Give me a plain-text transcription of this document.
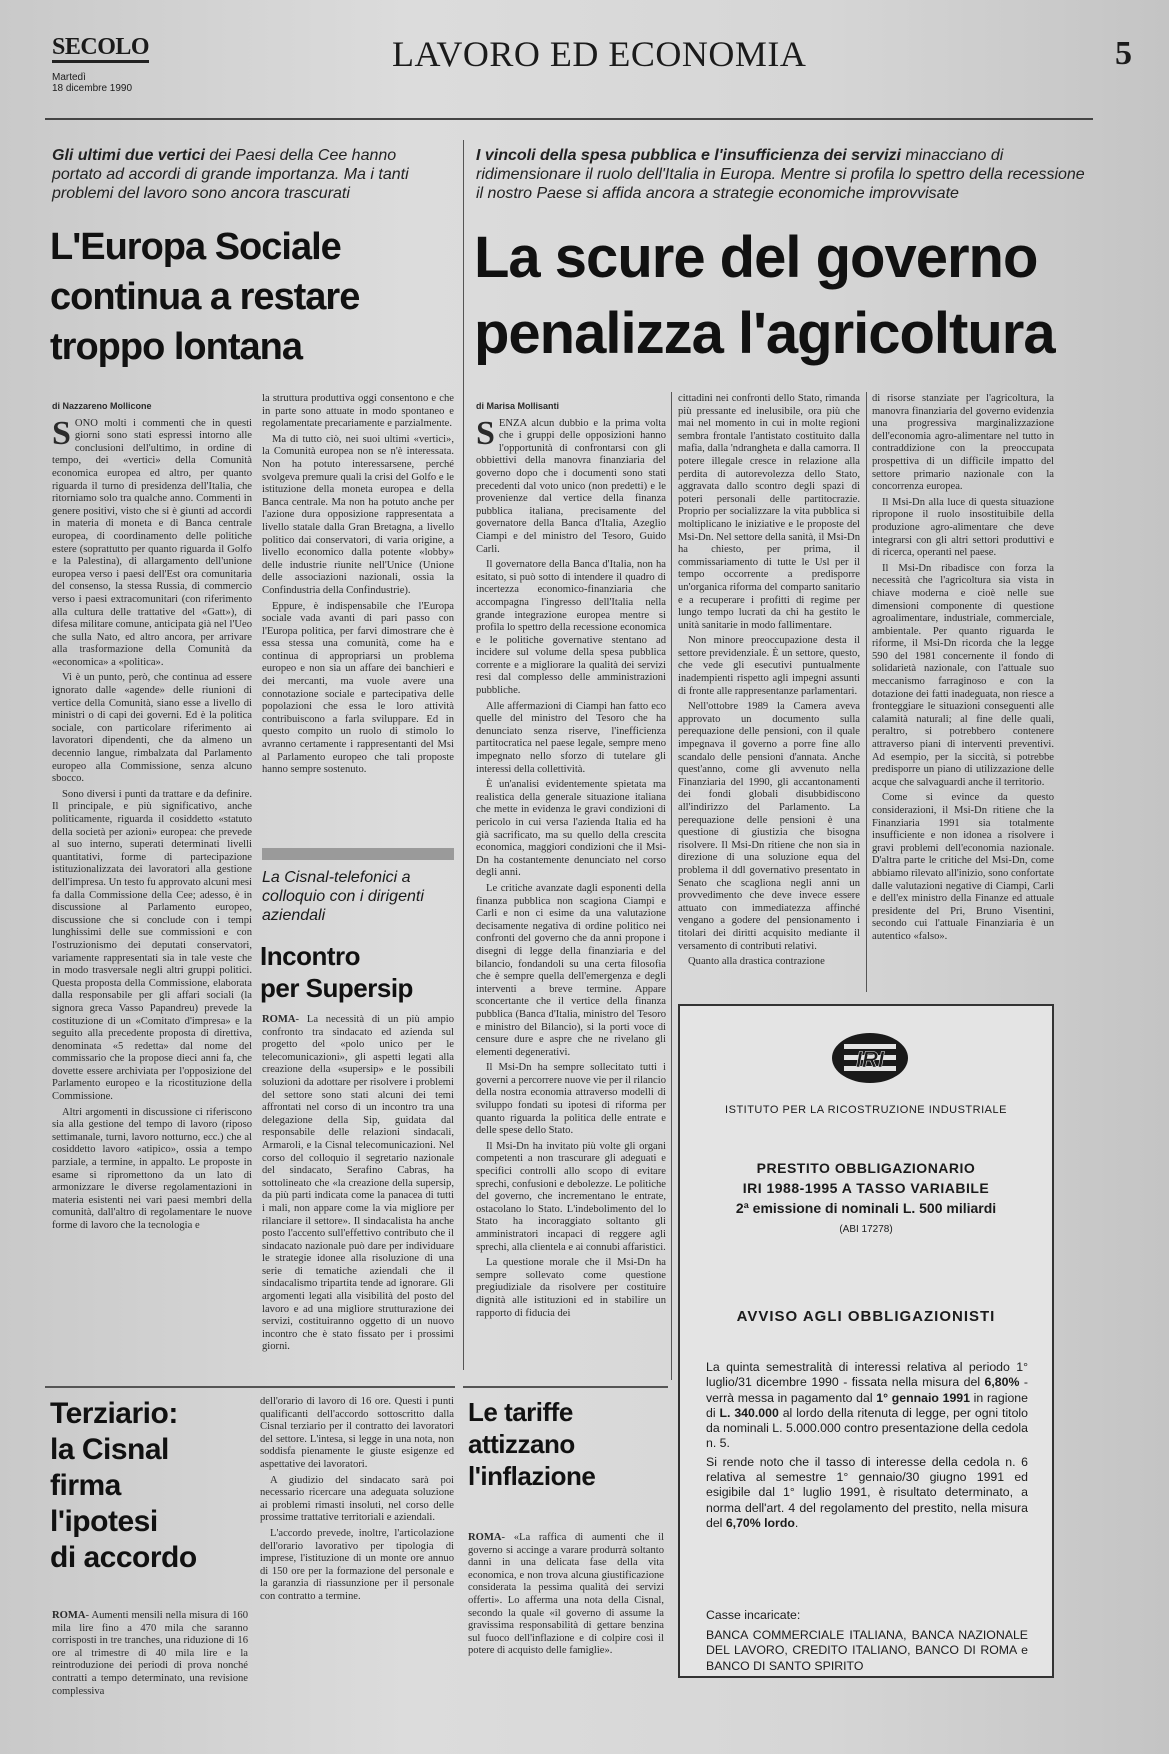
SECOLO
Martedì
18 dicembre 1990
LAVORO ED ECONOMIA	5
Gli ultimi due vertici dei Paesi della Cee hanno portato ad accordi di grande importanza. Ma i tanti problemi del lavoro sono ancora trascurati
L'Europa Sociale
continua a restare
troppo lontana
di Nazzareno Mollicone
S ONO molti i commenti che in questi giorni sono stati espressi intorno alle conclusioni dell'ultimo, in ordine di tempo, dei «vertici» della Comunità economica europea ed altro, per quanto riguarda il turno di presidenza dell'Italia, che ritorniamo solo tra qualche anno. Commenti in genere positivi, visto che si è giunti ad accordi in materia di moneta e di Banca centrale europea, di coordinamento delle politiche estere (soprattutto per quanto riguarda il Golfo e la Palestina), di allargamento dell'unione europea verso i paesi dell'Est ora comunitaria del consenso, la stessa Russia, di commercio verso i paesi extracomunitari (con riferimento alla cultura delle trattative del «Gatt»), di difesa militare comune, anticipata già nel l'Ueo che sulla Nato, ed altro ancora, per arrivare alla trasformazione della Comunità da «economica» a «politica».

Vi è un punto, però, che continua ad essere ignorato dalle «agende» delle riunioni di vertice della Comunità, siano esse a livello di ministri o di capi dei governi. Ed è la politica sociale, con particolare riferimento ai lavoratori dipendenti, che da almeno un decennio langue, rimbalzata dal Parlamento europeo alla Commissione, senza alcuno sbocco.

Sono diversi i punti da trattare e da definire. Il principale, e più significativo, anche politicamente, riguarda il cosiddetto «statuto della società per azioni» europea: che prevede al suo interno, superati determinati livelli quantitativi, forme di partecipazione istituzionalizzata dei lavoratori alla gestione dell'impresa. Un testo fu approvato alcuni mesi fa dalla Commissione della Cee; adesso, è in discussione al Parlamento europeo, discussione che si conclude con i tempi lunghissimi delle sue commissioni e con l'ostruzionismo dei deputati conservatori, variamente rappresentati sia in tale veste che in modo trasversale negli altri gruppi politici. Questa proposta della Commissione, elaborata dalla responsabile per gli affari sociali (la signora greca Vasso Papandreu) prevede la costituzione di un «Comitato d'impresa» e la seguito alla precedente proposta di direttiva, denominata «5 redetta» dal nome del commissario che la propose dieci anni fa, che dovette essere archiviata per l'opposizione del Parlamento europeo e la ricostituzione della Commissione.

Altri argomenti in discussione ci riferiscono sia alla gestione del tempo di lavoro (riposo settimanale, turni, lavoro notturno, ecc.) che al cosiddetto lavoro «atipico», ossia a tempo parziale, a termine, in appalto. Le proposte in esame si ripromettono da un lato di armonizzare le diverse regolamentazioni in materia esistenti nei vari paesi membri della comunità, dall'altro di regolamentare le nuove forme di lavoro che la tecnologia e

la struttura produttiva oggi consentono e che in parte sono attuate in modo spontaneo e regolamentate precariamente e parzialmente.

Ma di tutto ciò, nei suoi ultimi «vertici», la Comunità europea non se n'è interessata. Non ha potuto interessarsene, perché svolgeva premure quali la crisi del Golfo e le istituzione della moneta europea e della Banca centrale. Ma non ha potuto anche per l'azione dura opposizione rappresentata a livello statale dalla Gran Bretagna, a livello politico dai conservatori, di varia origine, a livello economico dalla potente «lobby» delle industrie riunite nell'Unice (Unione delle associazioni nazionali, ossia la Confindustria della Confindustrie).

Eppure, è indispensabile che l'Europa sociale vada avanti di pari passo con l'Europa politica, per farvi dimostrare che è essa stessa una comunità, come ha e continua di appropriarsi un problema europeo e non sia un affare dei banchieri e dei mercanti, ma vuole avere una connotazione sociale e partecipativa delle popolazioni che essa le loro attività contribuiscono a farla sviluppare. Ed in questo compito un ruolo di stimolo lo avranno certamente i rappresentanti del Msi al Parlamento europeo che tali proposte hanno sempre sostenuto.

La Cisnal-telefonici a colloquio con i dirigenti aziendali
Incontro
per Supersip

ROMA- La necessità di un più ampio confronto tra sindacato ed azienda sul progetto del «polo unico per le telecomunicazioni», gli aspetti legati alla creazione della «supersip» e le possibili soluzioni da adottare per risolvere i problemi del settore sono stati alcuni dei temi affrontati nel corso di un incontro tra una delegazione della Sip, guidata dal responsabile delle relazioni sindacali, Armaroli, e la Cisnal telecomunicazioni. Nel corso del colloquio il segretario nazionale del sindacato, Serafino Cabras, ha sottolineato che «la creazione della supersip, da più parti indicata come la panacea di tutti i mali, non appare come la via migliore per rilanciare il settore». Il sindacalista ha anche posto l'accento sull'effettivo contributo che il sindacato nazionale può dare per individuare le strategie idonee alla risoluzione di una serie di tematiche aziendali che il sindacalismo tripartita tende ad ignorare. Gli argomenti legati alla visibilità del posto del lavoro e ad una migliore strutturazione dei servizi, costituiranno oggetto di un nuovo incontro che è stato fissato per i prossimi giorni.

I vincoli della spesa pubblica e l'insufficienza dei servizi minacciano di ridimensionare il ruolo dell'Italia in Europa. Mentre si profila lo spettro della recessione il nostro Paese si affida ancora a strategie economiche improvvisate
La scure del governo
penalizza l'agricoltura
di Marisa Mollisanti
S ENZA alcun dubbio e la prima volta che i gruppi delle opposizioni hanno l'opportunità di confrontarsi con gli obbiettivi della manovra finanziaria del governo dopo che i documenti sono stati precedenti dal voto unico (non predetti) e le provenienze dal vertice della finanza pubblica italiana, precisamente del governatore della Banca d'Italia, Azeglio Ciampi e del ministro del Tesoro, Guido Carli.

Il governatore della Banca d'Italia, non ha esitato, si può sotto di intendere il quadro di incertezza economico-finanziaria che accompagna l'ingresso dell'Italia nella grande integrazione europea mentre si profila lo spettro della recessione economica e le politiche governative stentano ad incidere sul volume della spesa pubblica corrente e a migliorare la qualità dei servizi resi dal complesso delle amministrazioni pubbliche.

Alle affermazioni di Ciampi han fatto eco quelle del ministro del Tesoro che ha denunciato senza riserve, l'inefficienza partitocratica nel paese legale, sempre meno impegnato nello sforzo di tutelare gli interessi della collettività.

È un'analisi evidentemente spietata ma realistica della generale situazione italiana che mette in evidenza le gravi condizioni di pericolo in cui versa l'azienda Italia ed ha già sacrificato, ma su quello della crescita economica, maggiori condizioni che il Msi-Dn ha costantemente denunciato nel corso degli anni.

Le critiche avanzate dagli esponenti della finanza pubblica non scagiona Ciampi e Carli e non ci esime da una valutazione decisamente negativa di ordine politico nei confronti del governo che da anni propone i disegni di legge della finanziaria e del bilancio, fondandoli su una certa filosofia che è sempre quella dell'emergenza e degli interventi a breve termine. Appare sconcertante che il vertice della finanza pubblica (Banca d'Italia, ministro del Tesoro e ministro del Bilancio), si la porti voce di censure dure e aspre che ne rivelano gli elementi degenerativi.

Il Msi-Dn ha sempre sollecitato tutti i governi a percorrere nuove vie per il rilancio della nostra economia attraverso modelli di sviluppo fondati su ipotesi di riforma per quanto riguarda la politica delle entrate e delle spese dello Stato.

Il Msi-Dn ha invitato più volte gli organi competenti a non trascurare gli adeguati e specifici controlli allo scopo di evitare sprechi, confusioni e debolezze. Le politiche del governo, che incrementano le entrate, ostacolano lo Stato. L'indebolimento del lo Stato ha incoraggiato soltanto gli amministratori incapaci di reggere agli sprechi, alla clientela e ai connubi affaristici.

La questione morale che il Msi-Dn ha sempre sollevato come questione pregiudiziale da risolvere per costituire dignità alle istituzioni ed in stabilire un rapporto di fiducia dei

cittadini nei confronti dello Stato, rimanda più pressante ed inelusibile, ora più che mai nel momento in cui in molte regioni sembra frontale l'antistato costituito dalla mafia, dalla 'ndrangheta e dalla camorra. Il potere illegale cresce in relazione alla perdita di autorevolezza dello Stato, aggravata dallo scontro degli spazi di poteri personali delle partitocrazie. Proprio per socializzare la vita pubblica si moltiplicano le iniziative e le proposte del Msi-Dn. Nel settore della sanità, il Msi-Dn ha chiesto, per prima, il commissariamento di tutte le Usl per il tempo occorrente a predisporre un'organica riforma del comparto sanitario e a recuperare i profitti di regime per lungo tempo lucrati da chi ha gestito le unità sanitarie in modo fallimentare.

Non minore preoccupazione desta il settore previdenziale. È un settore, questo, che vede gli esecutivi puntualmente inadempienti rispetto agli impegni assunti di fronte alle rappresentanze parlamentari.

Nell'ottobre 1989 la Camera aveva approvato un documento sulla perequazione delle pensioni, con il quale impegnava il governo a porre fine allo scandalo delle pensioni d'annata. Anche quest'anno, come gli avvenuto nella Finanziaria del 1990, gli accantonamenti dei fondi globali disubbidiscono all'indirizzo del Parlamento. La perequazione delle pensioni è una questione di giustizia che bisogna risolvere. Il Msi-Dn ritiene che non sia in direzione di una soluzione equa del problema il ddl governativo presentato in Senato che scagliona negli anni un provvedimento che deve invece essere attuato con immediatezza affinché vengano a godere del pensionamento i titolari dei diritti acquisito mediante il versamento di contributi relativi.

Quanto alla drastica contrazione

di risorse stanziate per l'agricoltura, la manovra finanziaria del governo evidenzia una progressiva marginalizzazione dell'economia agro-alimentare nel tutto in contraddizione con la preoccupata prospettiva di un difficile impatto del settore primario nazionale con la concorrenza europea.

Il Msi-Dn alla luce di questa situazione ripropone il ruolo insostituibile della produzione agro-alimentare che deve integrarsi con gli altri settori produttivi e di ricerca, operanti nel paese.

Il Msi-Dn ribadisce con forza la necessità che l'agricoltura sia vista in chiave moderna e cioè nelle sue dimensioni componente di questione agroalimentare, industriale, commerciale, ambientale. Per quanto riguarda le riforme, il Msi-Dn ricorda che la legge 590 del 1981 concernente il fondo di solidarietà nazionale, con l'attuale suo meccanismo farraginoso e con la dotazione dei fatti inadeguata, non riesce a fronteggiare le situazioni conseguenti alle calamità naturali; al fine delle quali, peraltro, si potrebbero contenere attraverso piani di interventi preventivi. Ad esempio, per la siccità, si potrebbe predisporre un piano di utilizzazione delle acque che salvaguardi anche il territorio.

Come si evince da questo considerazioni, il Msi-Dn ritiene che la Finanziaria 1991 sia totalmente insufficiente e non idonea a risolvere i gravi problemi dell'economia nazionale. D'altra parte le critiche del Msi-Dn, come abbiamo rilevato all'inizio, sono confortate dalle valutazioni negative di Ciampi, Carli e dell'ex ministro della Finanze ed attuale presidente del Pri, Bruno Visentini, secondo cui l'attuale Finanziaria è un autentico «falso».

IRI
ISTITUTO PER LA RICOSTRUZIONE INDUSTRIALE
PRESTITO OBBLIGAZIONARIO
IRI 1988-1995 A TASSO VARIABILE
2ª emissione di nominali L. 500 miliardi
(ABI 17278)
AVVISO AGLI OBBLIGAZIONISTI

La quinta semestralità di interessi relativa al periodo 1° luglio/31 dicembre 1990 - fissata nella misura del 6,80% - verrà messa in pagamento dal 1° gennaio 1991 in ragione di L. 340.000 al lordo della ritenuta di legge, per ogni titolo da nominali L. 5.000.000 contro presentazione della cedola n. 5.

Si rende noto che il tasso di interesse della cedola n. 6 relativa al semestre 1° gennaio/30 giugno 1991 ed esigibile dal 1° luglio 1991, è risultato determinato, a norma dell'art. 4 del regolamento del prestito, nella misura del 6,70% lordo.

Casse incaricate:
BANCA COMMERCIALE ITALIANA, BANCA NAZIONALE DEL LAVORO, CREDITO ITALIANO, BANCO DI ROMA e BANCO DI SANTO SPIRITO
Terziario:
la Cisnal
firma
l'ipotesi
di accordo

ROMA- Aumenti mensili nella misura di 160 mila lire fino a 470 mila che saranno corrisposti in tre tranches, una riduzione di 16 ore al trimestre di 40 mila lire e la reintroduzione dei periodi di prova nonché contratti a tempo determinato, una revisione complessiva

dell'orario di lavoro di 16 ore. Questi i punti qualificanti dell'accordo sottoscritto dalla Cisnal terziario per il contratto dei lavoratori del settore. L'intesa, si legge in una nota, non soddisfa pienamente le giuste esigenze ed aspettative dei lavoratori.

A giudizio del sindacato sarà poi necessario ricercare una adeguata soluzione ai problemi rimasti insoluti, nel corso delle prossime trattative territoriali e aziendali.

L'accordo prevede, inoltre, l'articolazione dell'orario lavorativo per tipologia di imprese, l'istituzione di un monte ore annuo di 150 ore per la formazione del personale e la garanzia di riassunzione per il personale con contratto a termine.

Le tariffe
attizzano
l'inflazione

ROMA- «La raffica di aumenti che il governo si accinge a varare produrrà soltanto danni in una delicata fase della vita economica, e non trova alcuna giustificazione considerata la pessima qualità dei servizi offerti». Lo afferma una nota della Cisnal, secondo la quale «il governo di assume la gravissima responsabilità di gettare benzina sul fuoco dell'inflazione e di colpire così il potere di acquisto delle famiglie».
